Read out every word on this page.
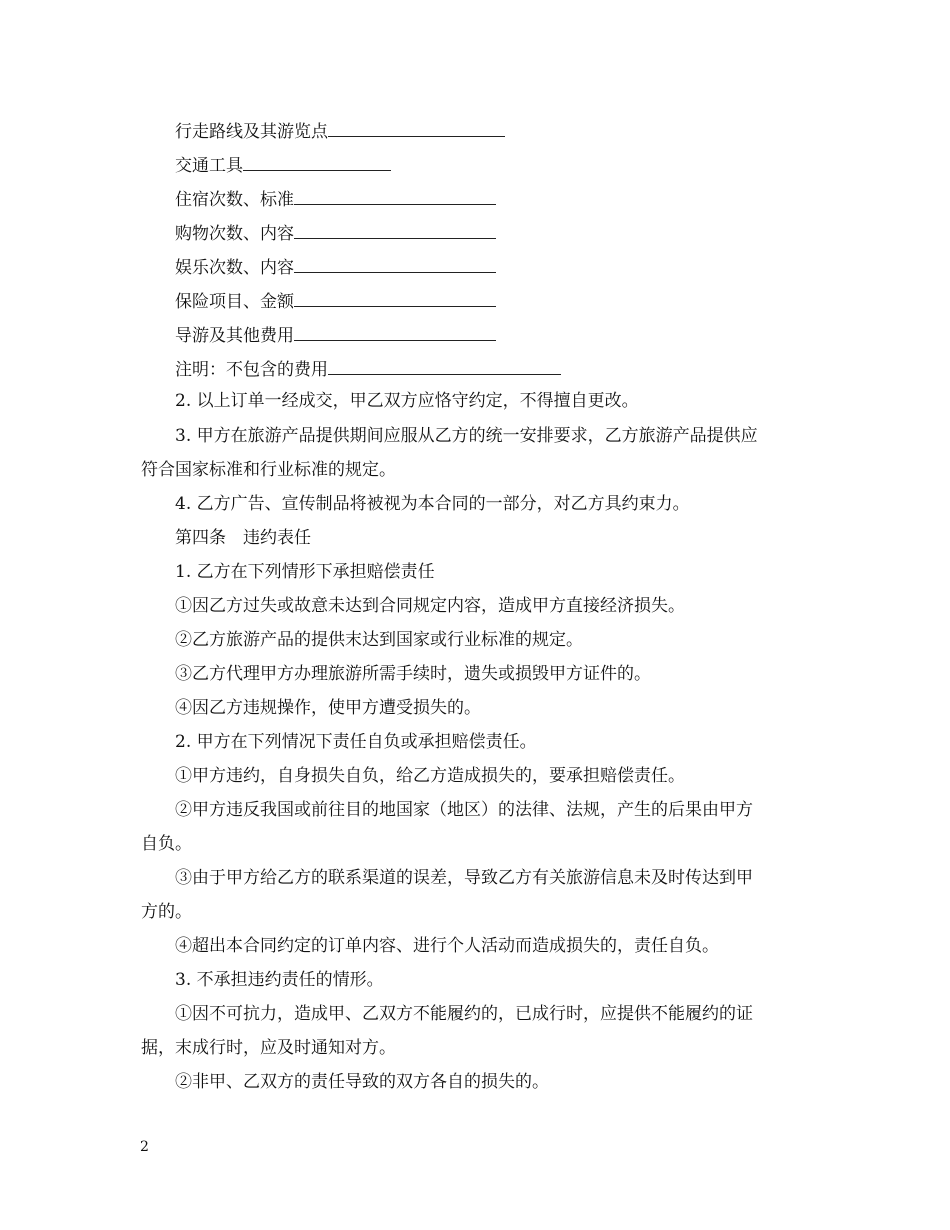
行走路线及其游览点
交通工具
住宿次数、标准
购物次数、内容
娱乐次数、内容
保险项目、金额
导游及其他费用
注明：不包含的费用
2. 以上订单一经成交，甲乙双方应恪守约定，不得擅自更改。
3. 甲方在旅游产品提供期间应服从乙方的统一安排要求，乙方旅游产品提供应
符合国家标准和行业标准的规定。
4. 乙方广告、宣传制品将被视为本合同的一部分，对乙方具约束力。
第四条　违约表任
1. 乙方在下列情形下承担赔偿责任
①因乙方过失或故意未达到合同规定内容，造成甲方直接经济损失。
②乙方旅游产品的提供末达到国家或行业标准的规定。
③乙方代理甲方办理旅游所需手续时，遗失或损毁甲方证件的。
④因乙方违规操作，使甲方遭受损失的。
2. 甲方在下列情况下责任自负或承担赔偿责任。
①甲方违约，自身损失自负，给乙方造成损失的，要承担赔偿责任。
②甲方违反我国或前往目的地国家（地区）的法律、法规，产生的后果由甲方
自负。
③由于甲方给乙方的联系渠道的误差，导致乙方有关旅游信息未及时传达到甲
方的。
④超出本合同约定的订单内容、进行个人活动而造成损失的，责任自负。
3. 不承担违约责任的情形。
①因不可抗力，造成甲、乙双方不能履约的，已成行时，应提供不能履约的证
据，末成行时，应及时通知对方。
②非甲、乙双方的责任导致的双方各自的损失的。
2
